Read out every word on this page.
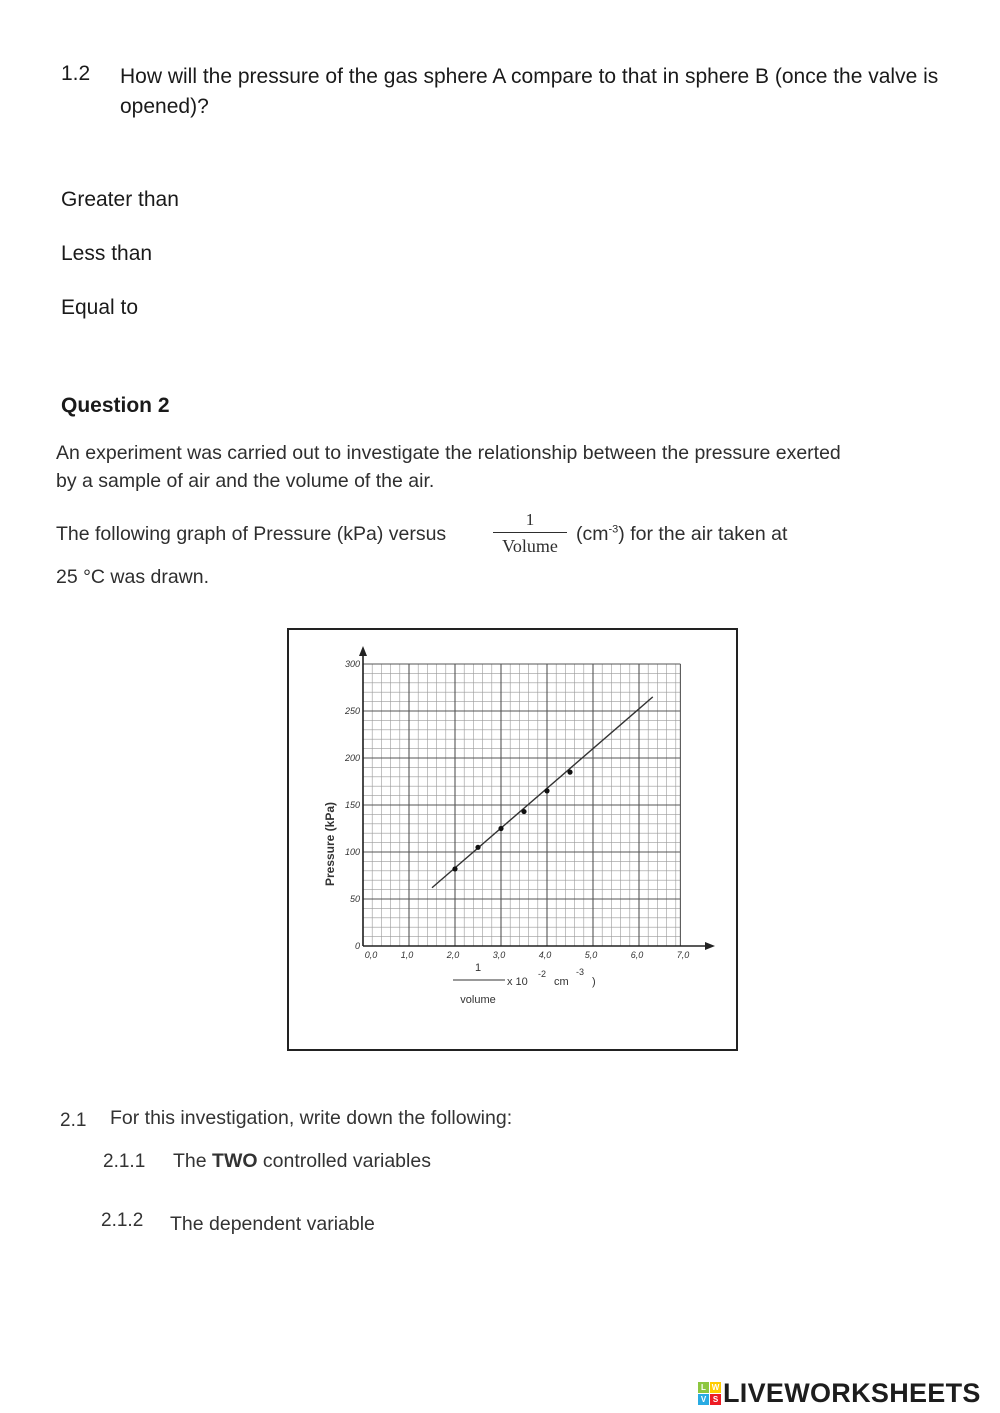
1.2 How will the pressure of the gas sphere A compare to that in sphere B (once the valve is opened)?
Greater than
Less than
Equal to
Question 2
An experiment was carried out to investigate the relationship between the pressure exerted by a sample of air and the volume of the air.
The following graph of Pressure (kPa) versus
1
Volume
$(cm^{-3})$ for the air taken at
25 °C was drawn.
0,0	1,0	2,0	3,0	4,0	5,0	6,0	7,0
0
50
100
150
200
250
300
Pressure (kPa)
1
volume
x 10
-2
cm
-3
)
2.1 For this investigation, write down the following:
2.1.1 The TWO controlled variables
2.1.2 The dependent variable
L W
V S LIVEWORKSHEETS
